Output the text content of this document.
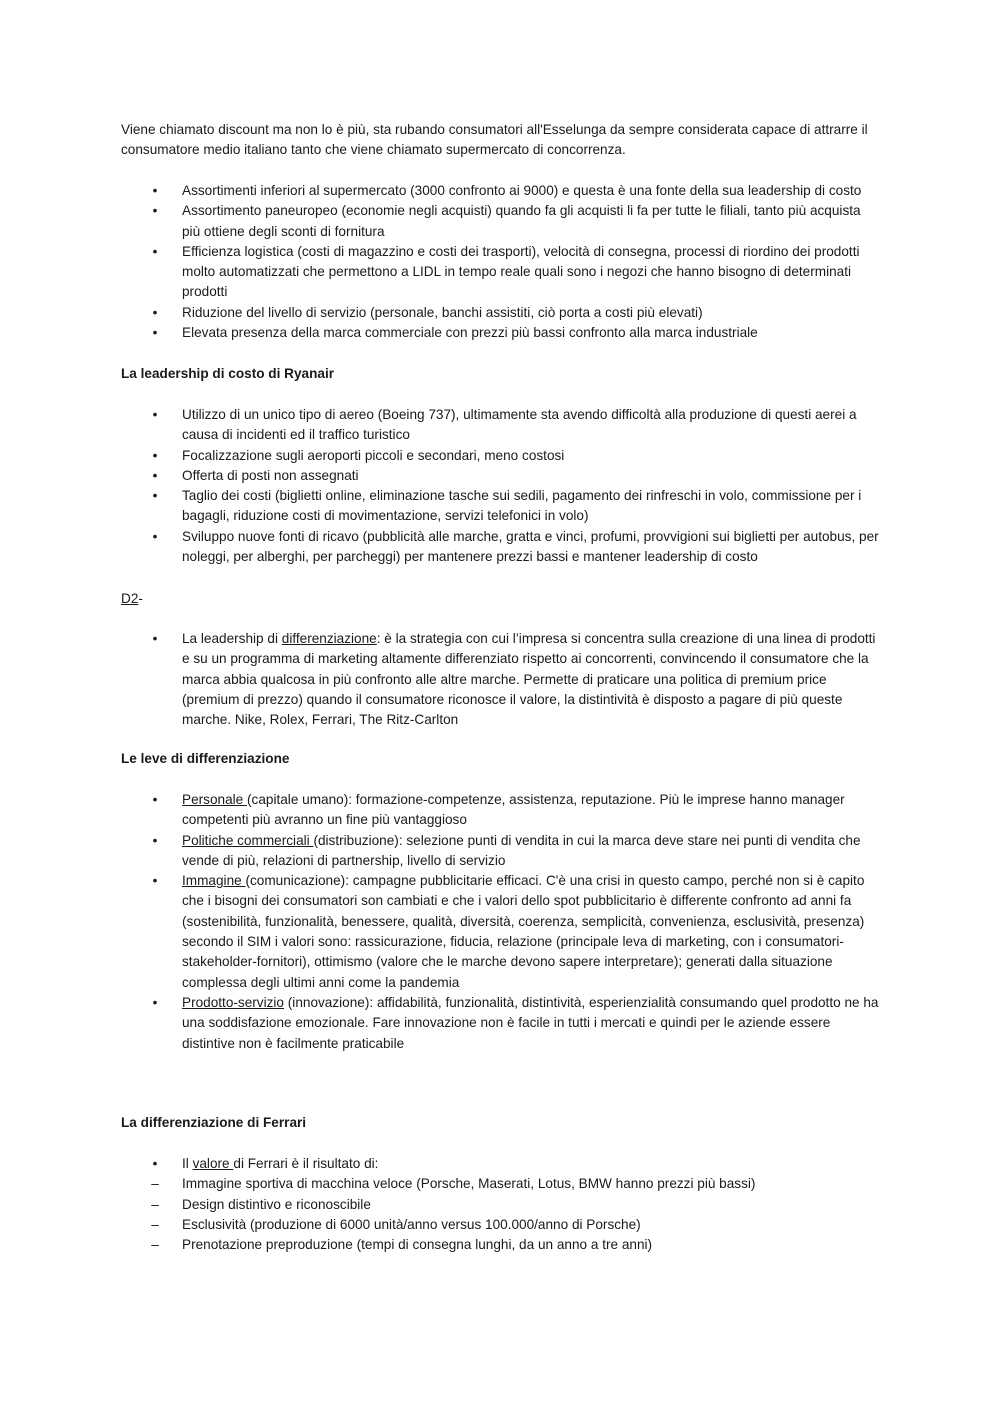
Viene chiamato discount ma non lo è più, sta rubando consumatori all'Esselunga da sempre considerata capace di attrarre il consumatore medio italiano tanto che viene chiamato supermercato di concorrenza.

• Assortimenti inferiori al supermercato (3000 confronto ai 9000) e questa è una fonte della sua leadership di costo
• Assortimento paneuropeo (economie negli acquisti) quando fa gli acquisti li fa per tutte le filiali, tanto più acquista più ottiene degli sconti di fornitura
• Efficienza logistica (costi di magazzino e costi dei trasporti), velocità di consegna, processi di riordino dei prodotti molto automatizzati che permettono a LIDL in tempo reale quali sono i negozi che hanno bisogno di determinati prodotti
• Riduzione del livello di servizio (personale, banchi assistiti, ciò porta a costi più elevati)
• Elevata presenza della marca commerciale con prezzi più bassi confronto alla marca industriale

La leadership di costo di Ryanair

• Utilizzo di un unico tipo di aereo (Boeing 737), ultimamente sta avendo difficoltà alla produzione di questi aerei a causa di incidenti ed il traffico turistico
• Focalizzazione sugli aeroporti piccoli e secondari, meno costosi
• Offerta di posti non assegnati
• Taglio dei costi (biglietti online, eliminazione tasche sui sedili, pagamento dei rinfreschi in volo, commissione per i bagagli, riduzione costi di movimentazione, servizi telefonici in volo)
• Sviluppo nuove fonti di ricavo (pubblicità alle marche, gratta e vinci, profumi, provvigioni sui biglietti per autobus, per noleggi, per alberghi, per parcheggi) per mantenere prezzi bassi e mantener leadership di costo

D2-

• La leadership di differenziazione: è la strategia con cui l’impresa si concentra sulla creazione di una linea di prodotti e su un programma di marketing altamente differenziato rispetto ai concorrenti, convincendo il consumatore che la marca abbia qualcosa in più confronto alle altre marche. Permette di praticare una politica di premium price (premium di prezzo) quando il consumatore riconosce il valore, la distintività è disposto a pagare di più queste marche. Nike, Rolex, Ferrari, The Ritz-Carlton

Le leve di differenziazione

• Personale (capitale umano): formazione-competenze, assistenza, reputazione. Più le imprese hanno manager competenti più avranno un fine più vantaggioso
• Politiche commerciali (distribuzione): selezione punti di vendita in cui la marca deve stare nei punti di vendita che vende di più, relazioni di partnership, livello di servizio
• Immagine (comunicazione): campagne pubblicitarie efficaci. C'è una crisi in questo campo, perché non si è capito che i bisogni dei consumatori son cambiati e che i valori dello spot pubblicitario è differente confronto ad anni fa (sostenibilità, funzionalità, benessere, qualità, diversità, coerenza, semplicità, convenienza, esclusività, presenza) secondo il SIM i valori sono: rassicurazione, fiducia, relazione (principale leva di marketing, con i consumatori-stakeholder-fornitori), ottimismo (valore che le marche devono sapere interpretare); generati dalla situazione complessa degli ultimi anni come la pandemia
• Prodotto-servizio (innovazione): affidabilità, funzionalità, distintività, esperienzialità consumando quel prodotto ne ha una soddisfazione emozionale. Fare innovazione non è facile in tutti i mercati e quindi per le aziende essere distintive non è facilmente praticabile

La differenziazione di Ferrari

• Il valore di Ferrari è il risultato di:
– Immagine sportiva di macchina veloce (Porsche, Maserati, Lotus, BMW hanno prezzi più bassi)
– Design distintivo e riconoscibile
– Esclusività (produzione di 6000 unità/anno versus 100.000/anno di Porsche)
– Prenotazione preproduzione (tempi di consegna lunghi, da un anno a tre anni)
